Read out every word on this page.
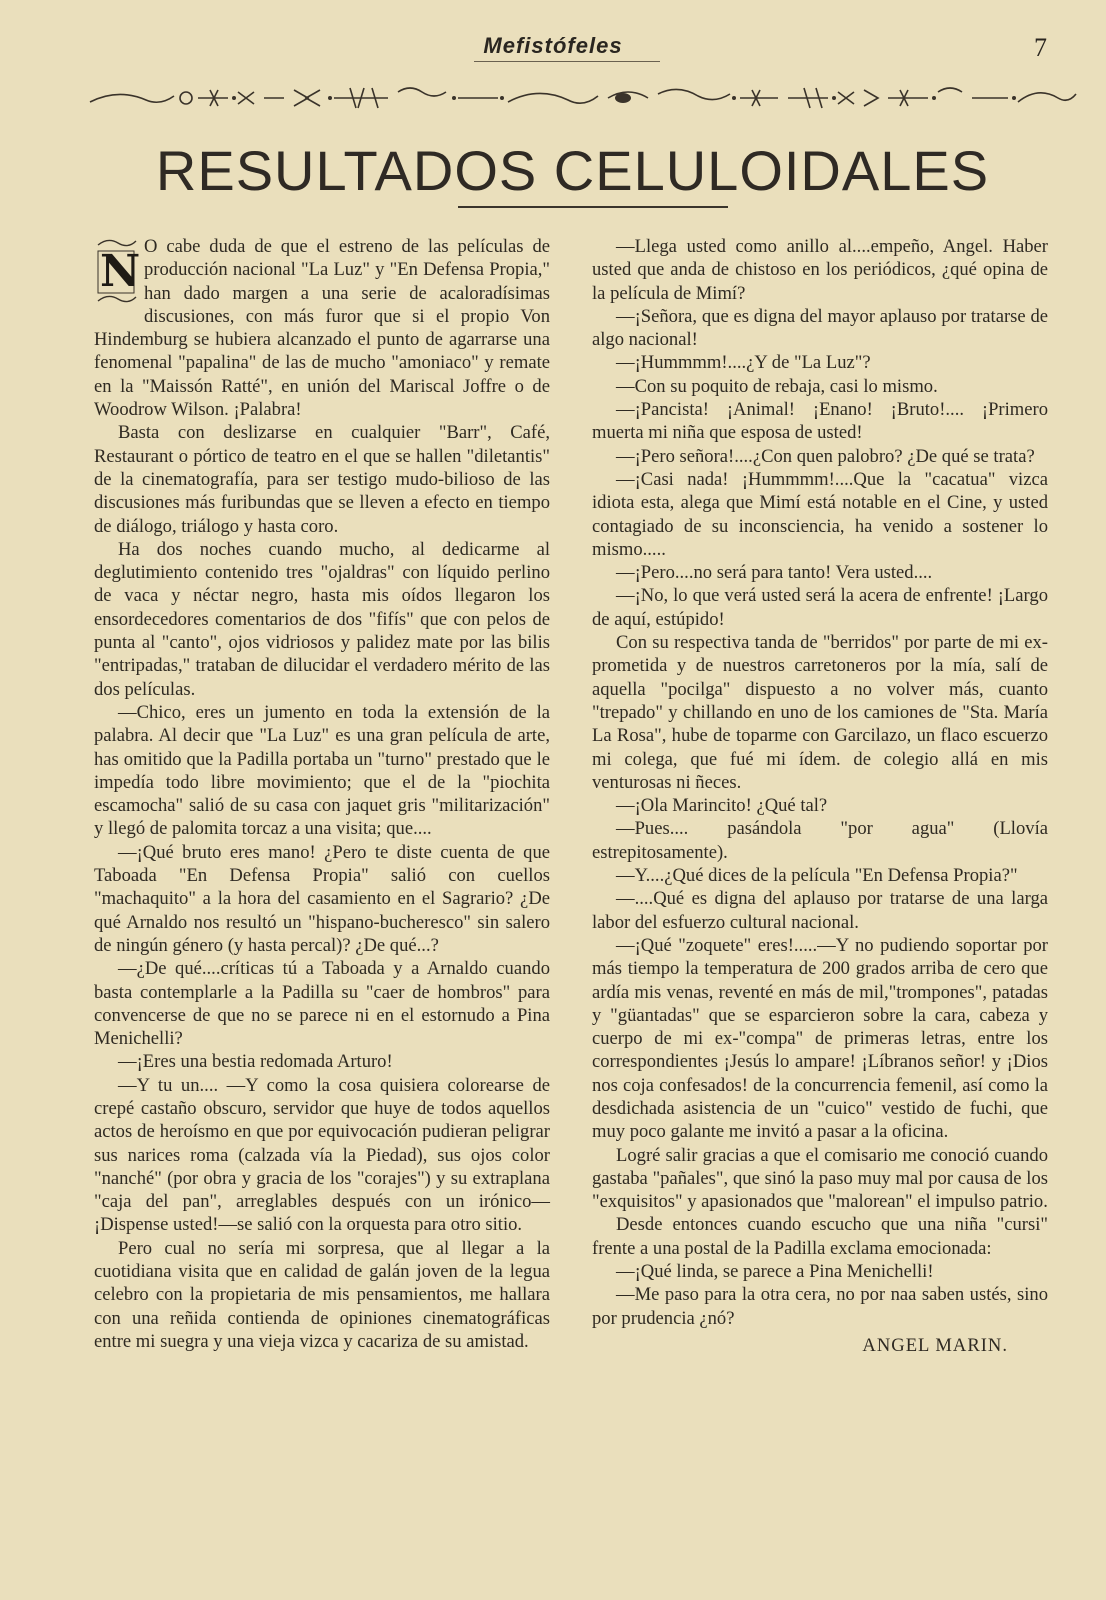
Mefistófeles	7
RESULTADOS CELULOIDALES
N O cabe duda de que el estreno de las películas de producción nacional "La Luz" y "En Defensa Propia," han dado margen a una serie de acaloradísimas discusiones, con más furor que si el propio Von Hindemburg se hubiera alcanzado el punto de agarrarse una fenomenal "papalina" de las de mucho "amoniaco" y remate en la "Maissón Ratté", en unión del Mariscal Joffre o de Woodrow Wilson. ¡Palabra!

Basta con deslizarse en cualquier "Barr", Café, Restaurant o pórtico de teatro en el que se hallen "diletantis" de la cinematografía, para ser testigo mudo-bilioso de las discusiones más furibundas que se lleven a efecto en tiempo de diálogo, triálogo y hasta coro.

Ha dos noches cuando mucho, al dedicarme al deglutimiento contenido tres "ojaldras" con líquido perlino de vaca y néctar negro, hasta mis oídos llegaron los ensordecedores comentarios de dos "fifís" que con pelos de punta al "canto", ojos vidriosos y palidez mate por las bilis "entripadas," trataban de dilucidar el verdadero mérito de las dos películas.

—Chico, eres un jumento en toda la extensión de la palabra. Al decir que "La Luz" es una gran película de arte, has omitido que la Padilla portaba un "turno" prestado que le impedía todo libre movimiento; que el de la "piochita escamocha" salió de su casa con jaquet gris "militarización" y llegó de palomita torcaz a una visita; que....

—¡Qué bruto eres mano! ¿Pero te diste cuenta de que Taboada "En Defensa Propia" salió con cuellos "machaquito" a la hora del casamiento en el Sagrario? ¿De qué Arnaldo nos resultó un "hispano-bucheresco" sin salero de ningún género (y hasta percal)? ¿De qué...?

—¿De qué....críticas tú a Taboada y a Arnaldo cuando basta contemplarle a la Padilla su "caer de hombros" para convencerse de que no se parece ni en el estornudo a Pina Menichelli?

—¡Eres una bestia redomada Arturo!

—Y tu un.... —Y como la cosa quisiera colorearse de crepé castaño obscuro, servidor que huye de todos aquellos actos de heroísmo en que por equivocación pudieran peligrar sus narices roma (calzada vía la Piedad), sus ojos color "nanché" (por obra y gracia de los "corajes") y su extraplana "caja del pan", arreglables después con un irónico— ¡Dispense usted!—se salió con la orquesta para otro sitio.

Pero cual no sería mi sorpresa, que al llegar a la cuotidiana visita que en calidad de galán joven de la legua celebro con la propietaria de mis pensamientos, me hallara con una reñida contienda de opiniones cinematográficas entre mi suegra y una vieja vizca y cacariza de su amistad.

—Llega usted como anillo al....empeño, Angel. Haber usted que anda de chistoso en los periódicos, ¿qué opina de la película de Mimí?

—¡Señora, que es digna del mayor aplauso por tratarse de algo nacional!

—¡Hummmm!....¿Y de "La Luz"?

—Con su poquito de rebaja, casi lo mismo.

—¡Pancista! ¡Animal! ¡Enano! ¡Bruto!.... ¡Primero muerta mi niña que esposa de usted!

—¡Pero señora!....¿Con quen palobro? ¿De qué se trata?

—¡Casi nada! ¡Hummmm!....Que la "cacatua" vizca idiota esta, alega que Mimí está notable en el Cine, y usted contagiado de su inconsciencia, ha venido a sostener lo mismo.....

—¡Pero....no será para tanto! Vera usted....

—¡No, lo que verá usted será la acera de enfrente! ¡Largo de aquí, estúpido!

Con su respectiva tanda de "berridos" por parte de mi ex-prometida y de nuestros carretoneros por la mía, salí de aquella "pocilga" dispuesto a no volver más, cuanto "trepado" y chillando en uno de los camiones de "Sta. María La Rosa", hube de toparme con Garcilazo, un flaco escuerzo mi colega, que fué mi ídem. de colegio allá en mis venturosas ni ñeces.

—¡Ola Marincito! ¿Qué tal?

—Pues.... pasándola "por agua" (Llovía estrepitosamente).

—Y....¿Qué dices de la película "En Defensa Propia?"

—....Qué es digna del aplauso por tratarse de una larga labor del esfuerzo cultural nacional.

—¡Qué "zoquete" eres!.....—Y no pudiendo soportar por más tiempo la temperatura de 200 grados arriba de cero que ardía mis venas, reventé en más de mil,"trompones", patadas y "güantadas" que se esparcieron sobre la cara, cabeza y cuerpo de mi ex-"compa" de primeras letras, entre los correspondientes ¡Jesús lo ampare! ¡Líbranos señor! y ¡Dios nos coja confesados! de la concurrencia femenil, así como la desdichada asistencia de un "cuico" vestido de fuchi, que muy poco galante me invitó a pasar a la oficina.

Logré salir gracias a que el comisario me conoció cuando gastaba "pañales", que sinó la paso muy mal por causa de los "exquisitos" y apasionados que "malorean" el impulso patrio.

Desde entonces cuando escucho que una niña "cursi" frente a una postal de la Padilla exclama emocionada:

—¡Qué linda, se parece a Pina Menichelli!

—Me paso para la otra cera, no por naa saben ustés, sino por prudencia ¿nó?

ANGEL MARIN.
